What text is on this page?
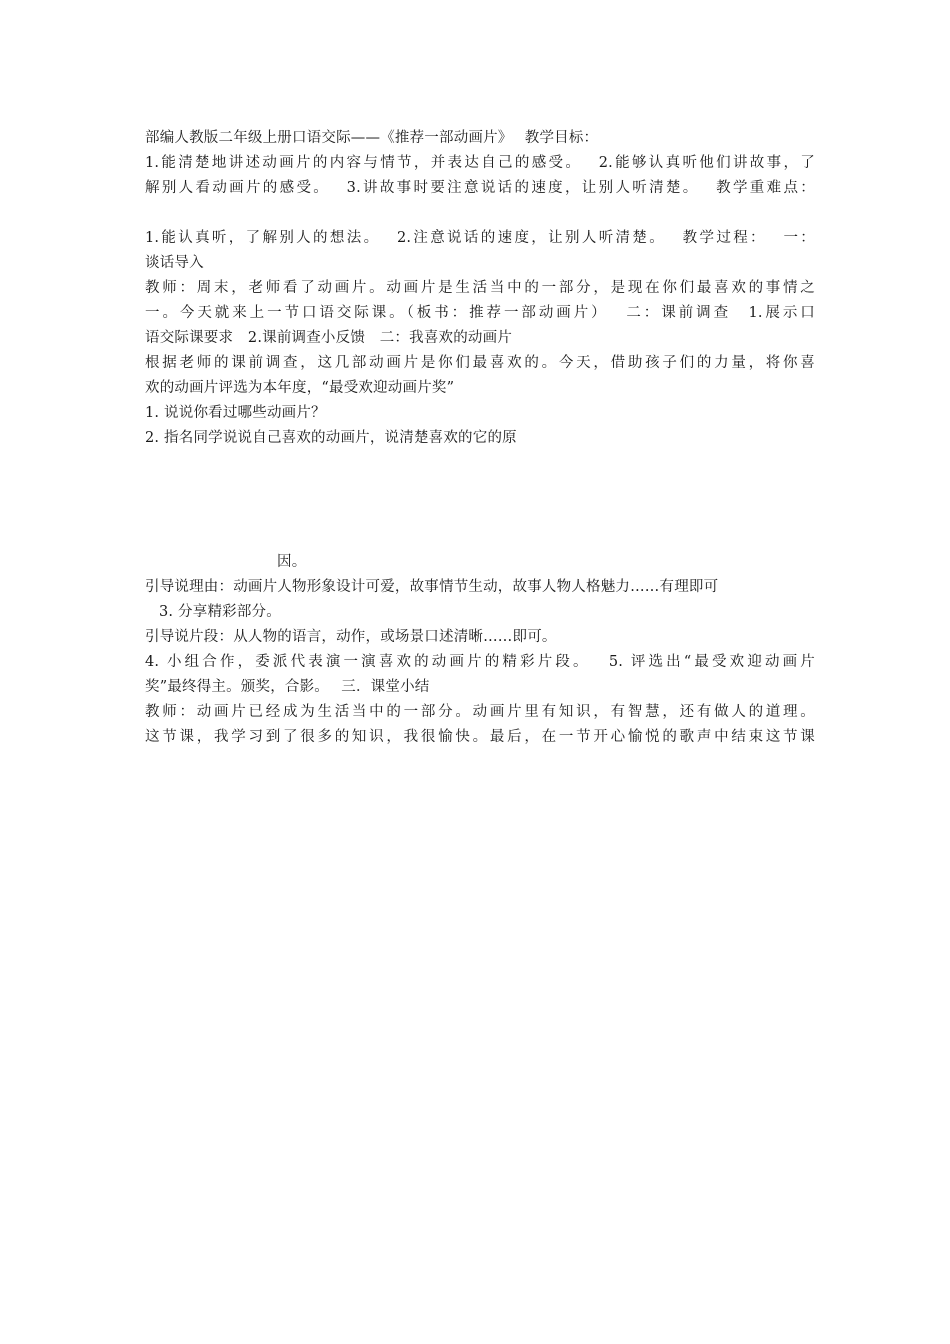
部编人教版二年级上册口语交际——《推荐一部动画片》　 教学目标：
1.能清楚地讲述动画片的内容与情节，并表达自己的感受。　 2.能够认真听他们讲故事，了
解别人看动画片的感受。　 3.讲故事时要注意说话的速度，让别人听清楚。　 教学重难点：
1.能认真听，了解别人的想法。　 2.注意说话的速度，让别人听清楚。　 教学过程：　 一：
谈话导入
教师：周末，老师看了动画片。动画片是生活当中的一部分，是现在你们最喜欢的事情之
一。今天就来上一节口语交际课。（板书：推荐一部动画片）　 二：课前调查　1.展示口
语交际课要求　2.课前调查小反馈　二：我喜欢的动画片
根据老师的课前调查，这几部动画片是你们最喜欢的。今天，借助孩子们的力量，将你喜
欢的动画片评选为本年度，“最受欢迎动画片奖”
1. 说说你看过哪些动画片？
2. 指名同学说说自己喜欢的动画片，说清楚喜欢的它的原
因。
引导说理由：动画片人物形象设计可爱，故事情节生动，故事人物人格魅力……有理即可
3. 分享精彩部分。
引导说片段：从人物的语言，动作，或场景口述清晰……即可。
4. 小组合作，委派代表演一演喜欢的动画片的精彩片段。　 5. 评选出“最受欢迎动画片
奖”最终得主。颁奖，合影。　 三．课堂小结
教师：动画片已经成为生活当中的一部分。动画片里有知识，有智慧，还有做人的道理。
这节课，我学习到了很多的知识，我很愉快。最后，在一节开心愉悦的歌声中结束这节课
